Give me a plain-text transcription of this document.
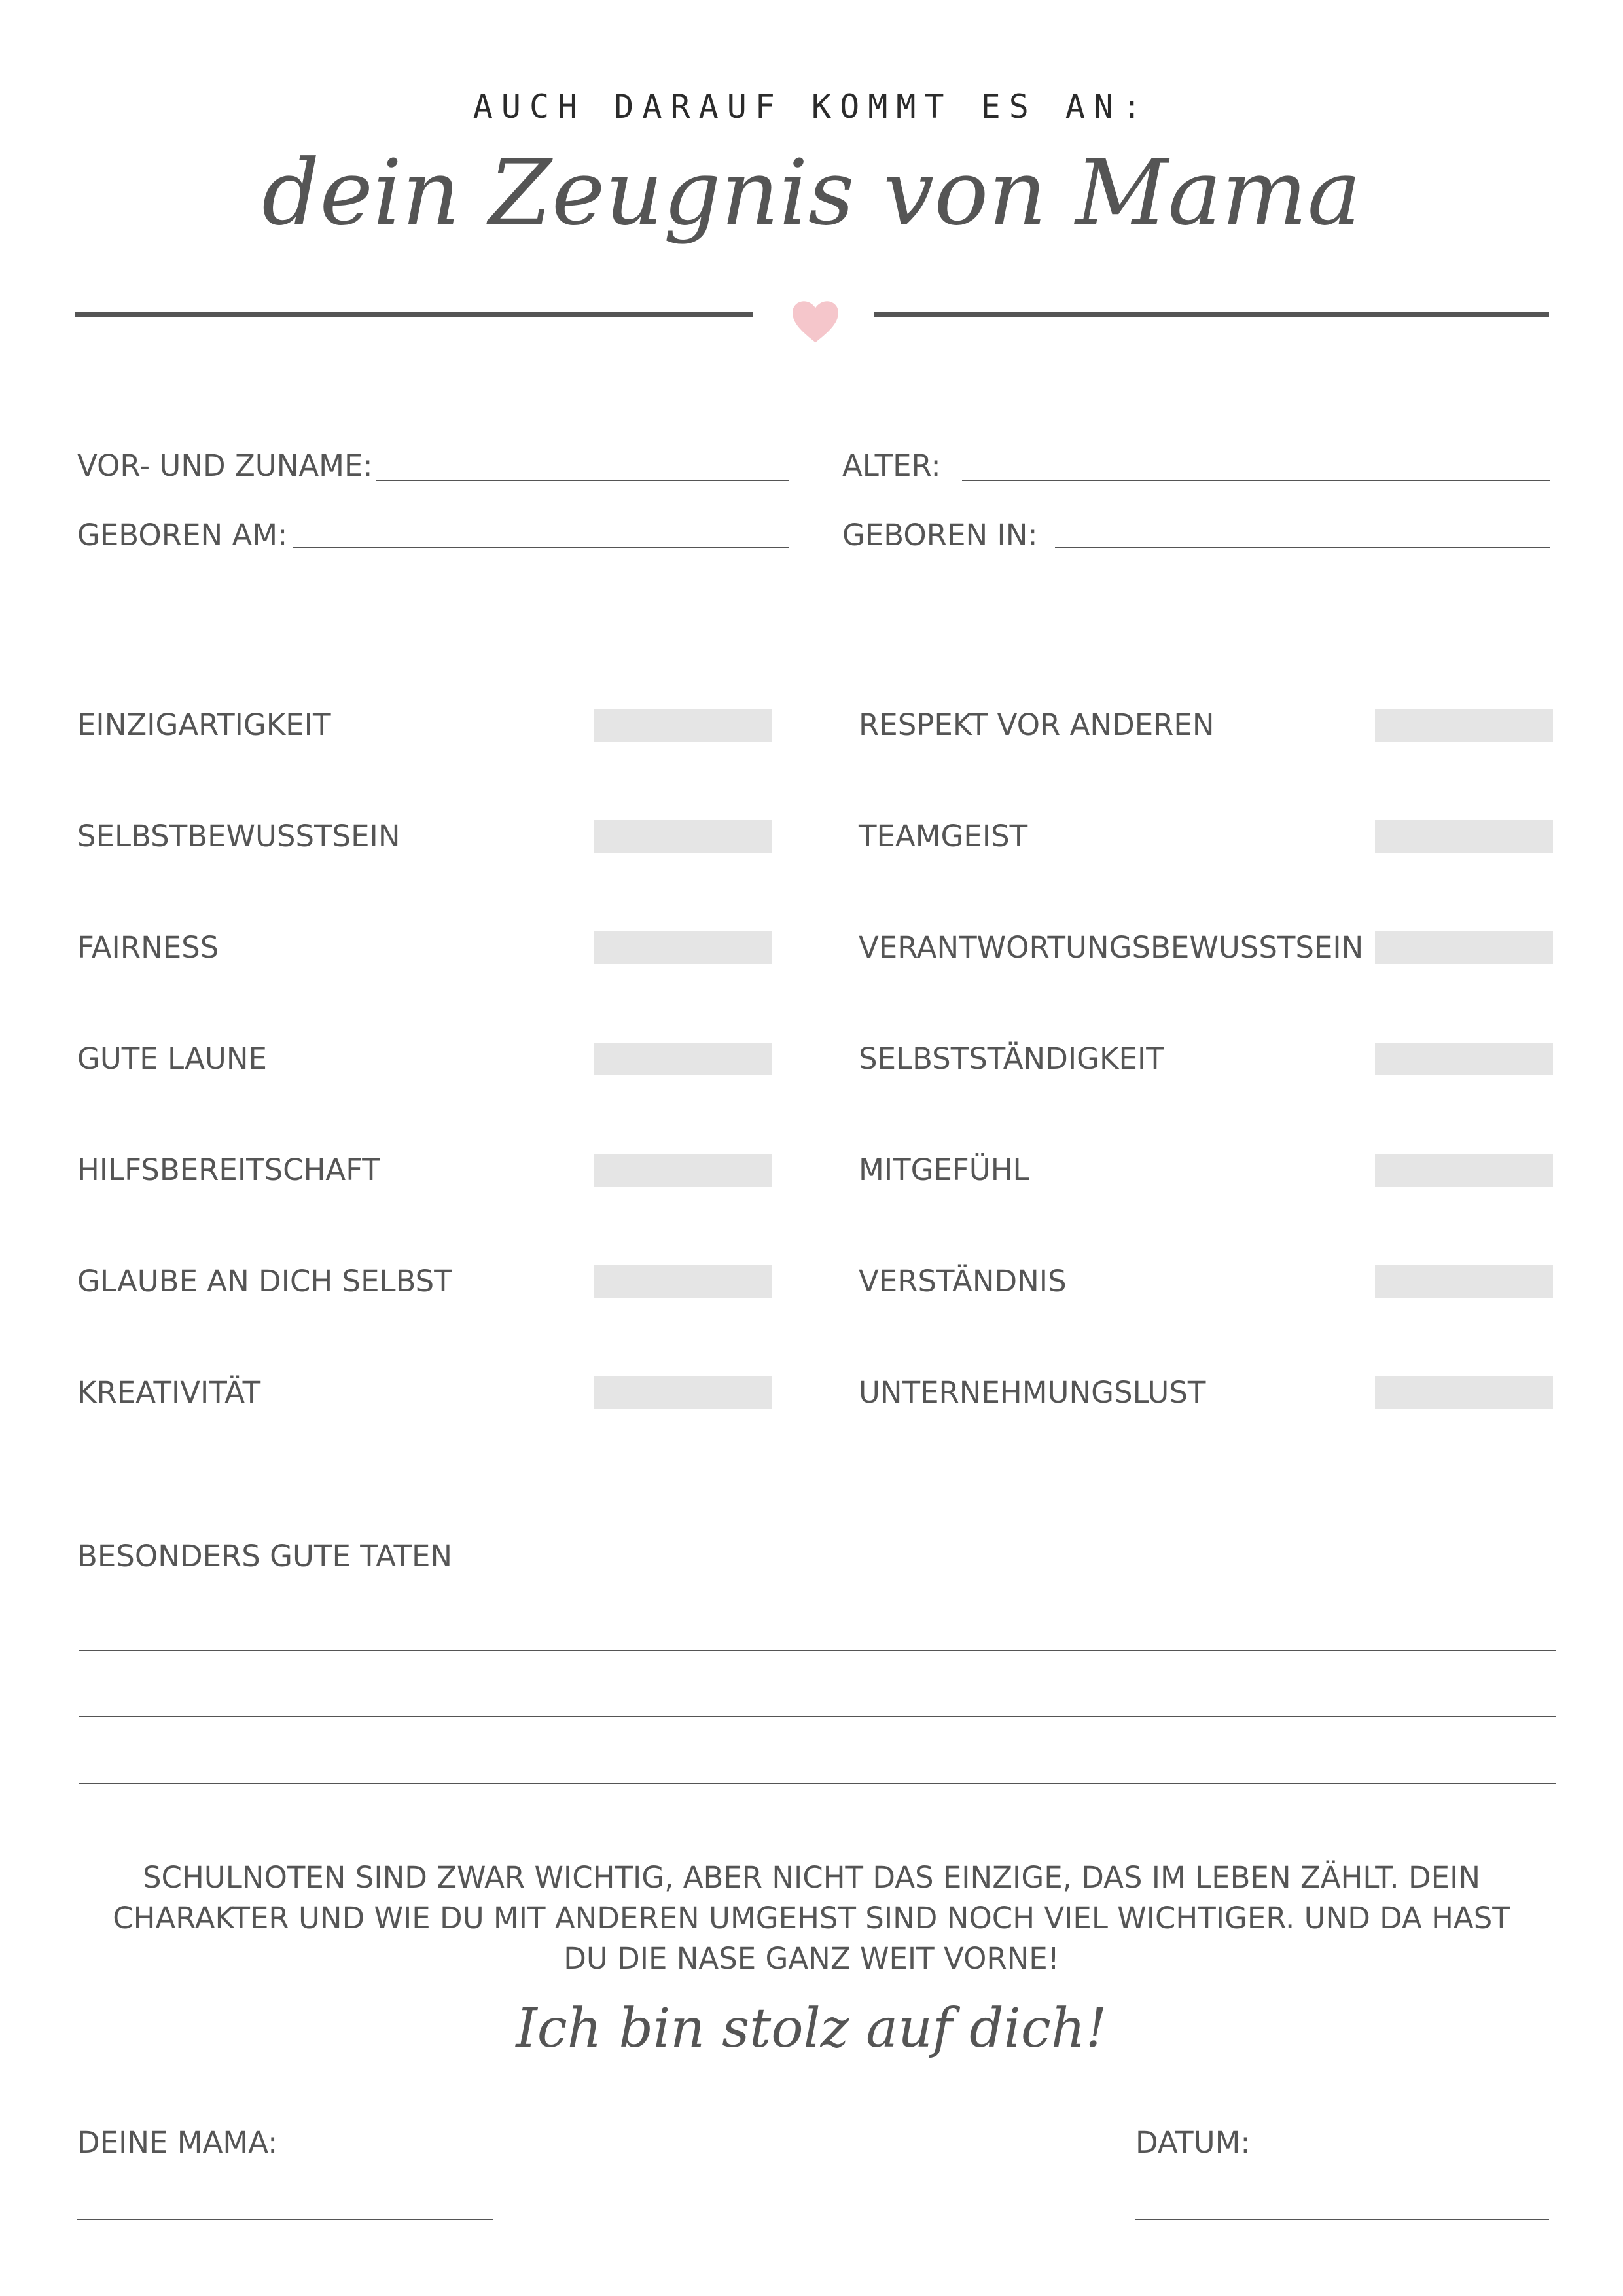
AUCH DARAUF KOMMT ES AN:
dein Zeugnis von Mama
VOR- UND ZUNAME:	ALTER:
GEBOREN AM:	GEBOREN IN:
EINZIGARTIGKEIT	RESPEKT VOR ANDEREN
SELBSTBEWUSSTSEIN	TEAMGEIST
FAIRNESS	VERANTWORTUNGSBEWUSSTSEIN
GUTE LAUNE	SELBSTSTÄNDIGKEIT
HILFSBEREITSCHAFT	MITGEFÜHL
GLAUBE AN DICH SELBST	VERSTÄNDNIS
KREATIVITÄT	UNTERNEHMUNGSLUST
BESONDERS GUTE TATEN
SCHULNOTEN SIND ZWAR WICHTIG, ABER NICHT DAS EINZIGE, DAS IM LEBEN ZÄHLT. DEIN CHARAKTER UND WIE DU MIT ANDEREN UMGEHST SIND NOCH VIEL WICHTIGER. UND DA HAST DU DIE NASE GANZ WEIT VORNE!
Ich bin stolz auf dich!
DEINE MAMA:	DATUM:
